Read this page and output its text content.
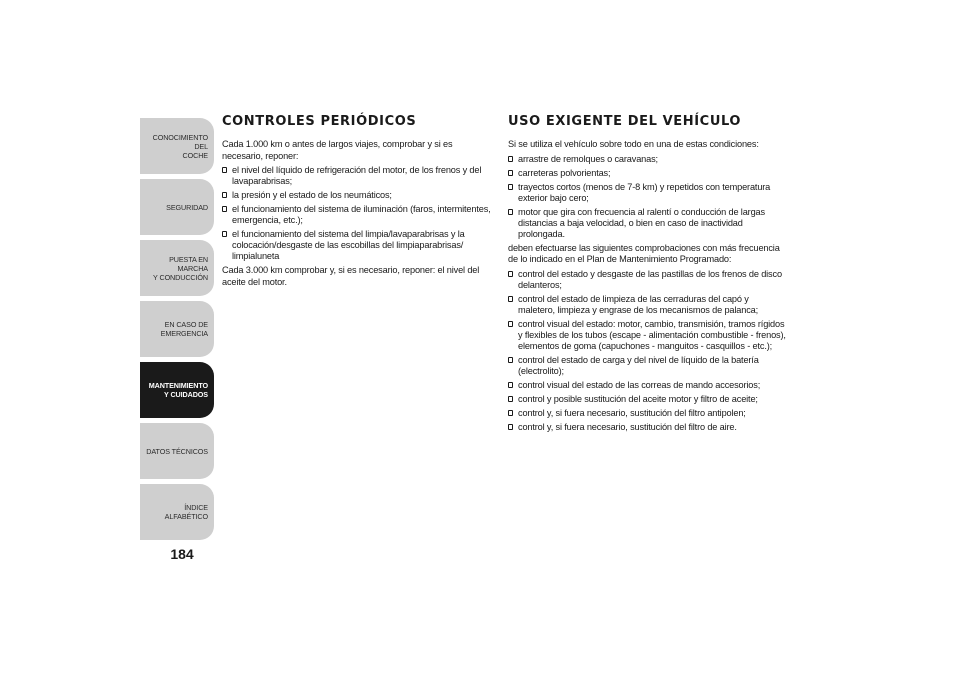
CONOCIMIENTO DEL
COCHE
SEGURIDAD
PUESTA EN MARCHA
Y CONDUCCIÓN
EN CASO DE
EMERGENCIA
MANTENIMIENTO
Y CUIDADOS
DATOS TÉCNICOS
ÍNDICE ALFABÉTICO
184
CONTROLES PERIÓDICOS

Cada 1.000 km o antes de largos viajes, comprobar y si es necesario, reponer:

el nivel del líquido de refrigeración del motor, de los frenos y del lavaparabrisas;
la presión y el estado de los neumáticos;
el funcionamiento del sistema de iluminación (faros, intermitentes, emergencia, etc.);
el funcionamiento del sistema del limpia/lavaparabrisas y la colocación/desgaste de las escobillas del limpiaparabrisas/ limpialuneta

Cada 3.000 km comprobar y, si es necesario, reponer: el nivel del aceite del motor.

USO EXIGENTE DEL VEHÍCULO

Si se utiliza el vehículo sobre todo en una de estas condiciones:

arrastre de remolques o caravanas;
carreteras polvorientas;
trayectos cortos (menos de 7-8 km) y repetidos con temperatura exterior bajo cero;
motor que gira con frecuencia al ralentí o conducción de largas distancias a baja velocidad, o bien en caso de inactividad prolongada.

deben efectuarse las siguientes comprobaciones con más frecuencia de lo indicado en el Plan de Mantenimiento Programado:

control del estado y desgaste de las pastillas de los frenos de disco delanteros;
control del estado de limpieza de las cerraduras del capó y maletero, limpieza y engrase de los mecanismos de palanca;
control visual del estado: motor, cambio, transmisión, tramos rígidos y flexibles de los tubos (escape - alimentación combustible - frenos), elementos de goma (capuchones - manguitos - casquillos - etc.);
control del estado de carga y del nivel de líquido de la batería (electrolito);
control visual del estado de las correas de mando accesorios;
control y posible sustitución del aceite motor y filtro de aceite;
control y, si fuera necesario, sustitución del filtro antipolen;
control y, si fuera necesario, sustitución del filtro de aire.
